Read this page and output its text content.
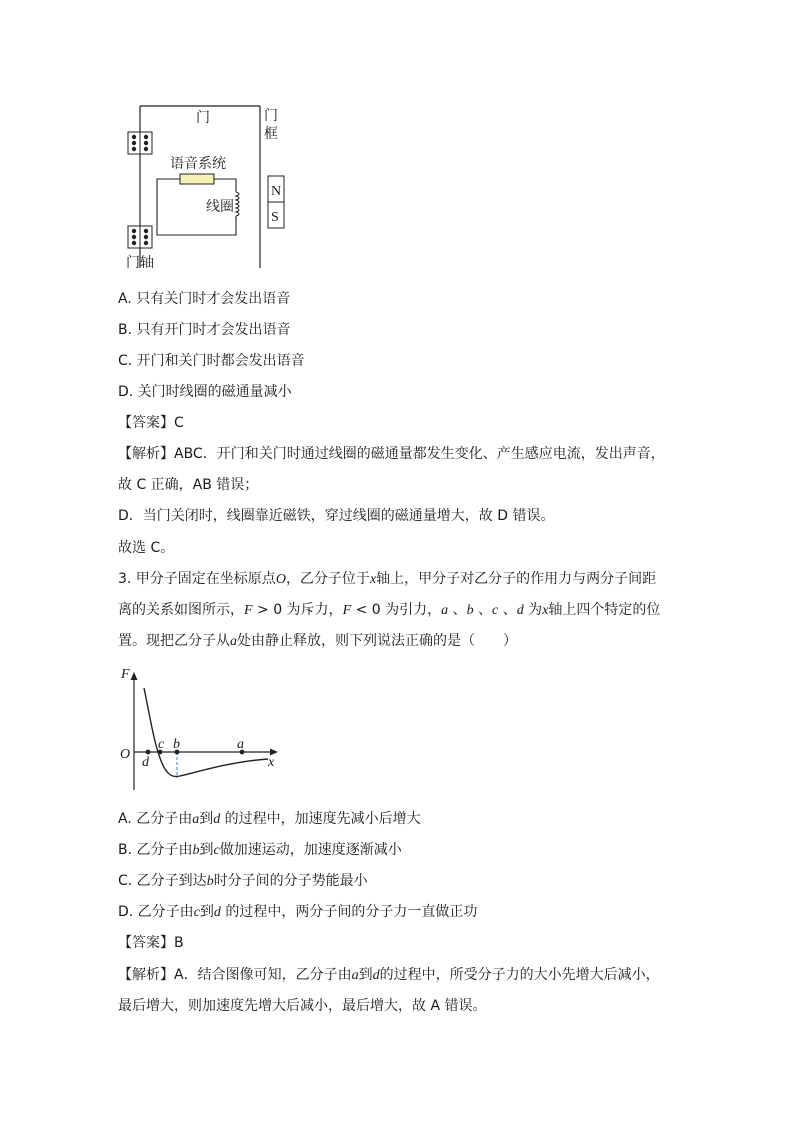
门	门
框
门轴
语音系统
线圈
N
S
A. 只有关门时才会发出语音
B. 只有开门时才会发出语音
C. 开门和关门时都会发出语音
D. 关门时线圈的磁通量减小
【答案】C
【解析】ABC．开门和关门时通过线圈的磁通量都发生变化、产生感应电流，发出声音，
故 C 正确，AB 错误；
D．当门关闭时，线圈靠近磁铁，穿过线圈的磁通量增大，故 D 错误。
故选 C。
3. 甲分子固定在坐标原点O，乙分子位于x轴上，甲分子对乙分子的作用力与两分子间距
离的关系如图所示，F > 0 为斥力，F < 0 为引力，a 、b 、c 、d 为x轴上四个特定的位
置。现把乙分子从a处由静止释放，则下列说法正确的是（　　）
F
O
x
d
c b	a
A. 乙分子由a到d 的过程中，加速度先减小后增大
B. 乙分子由b到c做加速运动，加速度逐渐减小
C. 乙分子到达b时分子间的分子势能最小
D. 乙分子由c到d 的过程中，两分子间的分子力一直做正功
【答案】B
【解析】A．结合图像可知，乙分子由a到d的过程中，所受分子力的大小先增大后减小，
最后增大，则加速度先增大后减小，最后增大，故 A 错误。
